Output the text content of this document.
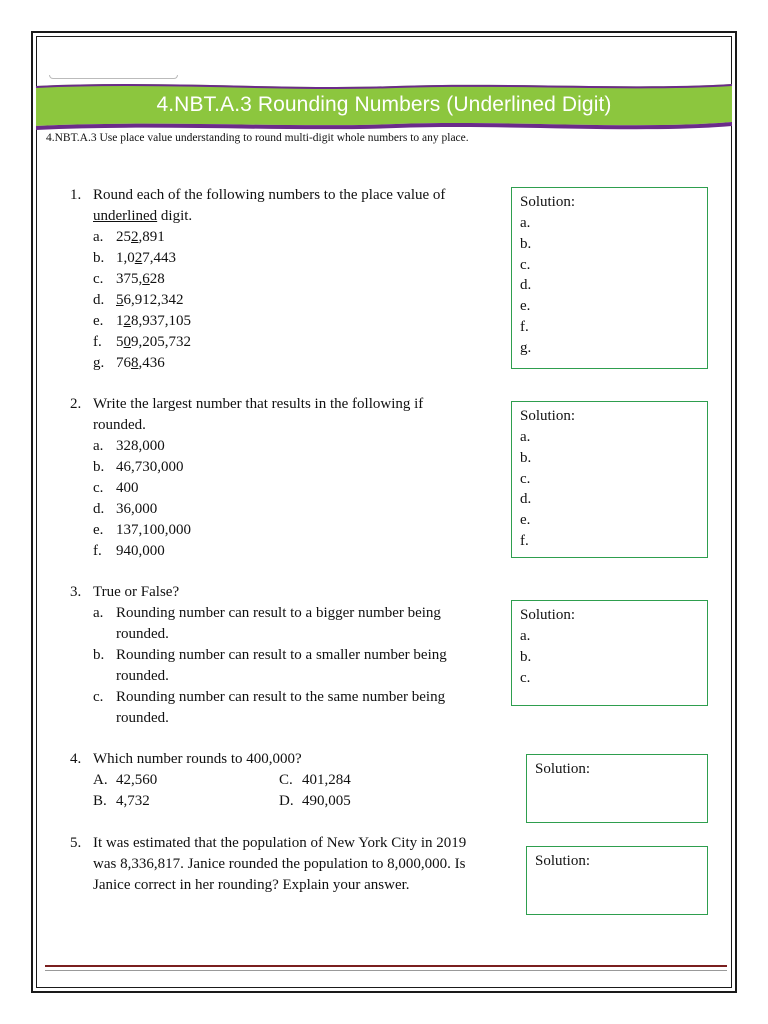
4.NBT.A.3 Rounding Numbers (Underlined Digit)
4.NBT.A.3 Use place value understanding to round multi-digit whole numbers to any place.
1. Round each of the following numbers to the place value of
underlined digit.
a. 252,891
b. 1,027,443
c. 375,628
d. 56,912,342
e. 128,937,105
f. 509,205,732
g. 768,436
Solution:
a.
b.
c.
d.
e.
f.
g.
2. Write the largest number that results in the following if
rounded.
a. 328,000
b. 46,730,000
c. 400
d. 36,000
e. 137,100,000
f. 940,000
Solution:
a.
b.
c.
d.
e.
f.
3. True or False?
a. Rounding number can result to a bigger number being rounded.
b. Rounding number can result to a smaller number being rounded.
c. Rounding number can result to the same number being rounded.
Solution:
a.
b.
c.
4. Which number rounds to 400,000?
A. 42,560	C. 401,284
B. 4,732	D. 490,005
Solution:
5. It was estimated that the population of New York City in 2019
was 8,336,817. Janice rounded the population to 8,000,000. Is
Janice correct in her rounding? Explain your answer.
Solution:
